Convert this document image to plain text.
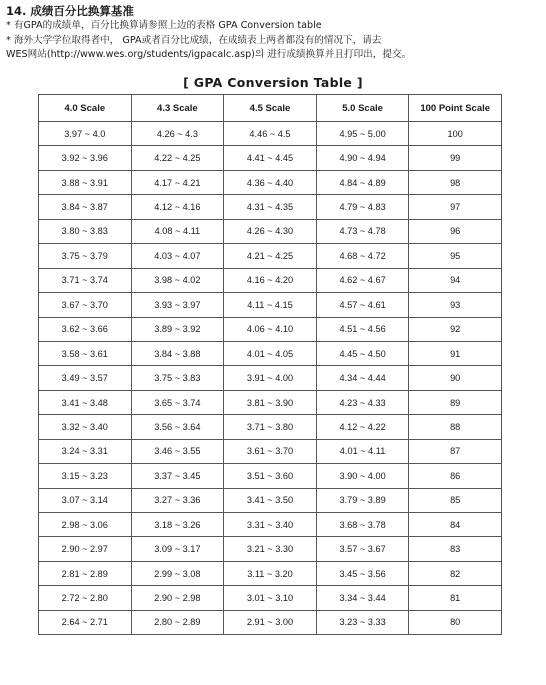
14. 成绩百分比换算基准

* 有GPA的成绩单，百分比换算请参照上边的表格 GPA Conversion table

* 海外大学学位取得者中， GPA或者百分比成绩，在成绩表上两者都没有的情况下，请去

WES网站(http://www.wes.org/students/igpacalc.asp)의 进行成绩换算并且打印出，提交。

[ GPA Conversion Table ]
4.0 Scale	4.3 Scale	4.5 Scale	5.0 Scale	100 Point Scale
3.97 ~ 4.0	4.26 ~ 4.3	4.46 ~ 4.5	4.95 ~ 5.00	100
3.92 ~ 3.96	4.22 ~ 4.25	4.41 ~ 4.45	4.90 ~ 4.94	99
3.88 ~ 3.91	4.17 ~ 4.21	4.36 ~ 4.40	4.84 ~ 4.89	98
3.84 ~ 3.87	4.12 ~ 4.16	4.31 ~ 4.35	4.79 ~ 4.83	97
3.80 ~ 3.83	4.08 ~ 4.11	4.26 ~ 4.30	4.73 ~ 4.78	96
3.75 ~ 3.79	4.03 ~ 4.07	4.21 ~ 4.25	4.68 ~ 4.72	95
3.71 ~ 3.74	3.98 ~ 4.02	4.16 ~ 4.20	4.62 ~ 4.67	94
3.67 ~ 3.70	3.93 ~ 3.97	4.11 ~ 4.15	4.57 ~ 4.61	93
3.62 ~ 3.66	3.89 ~ 3.92	4.06 ~ 4.10	4.51 ~ 4.56	92
3.58 ~ 3.61	3.84 ~ 3.88	4.01 ~ 4.05	4.45 ~ 4.50	91
3.49 ~ 3.57	3.75 ~ 3.83	3.91 ~ 4.00	4.34 ~ 4.44	90
3.41 ~ 3.48	3.65 ~ 3.74	3.81 ~ 3.90	4.23 ~ 4.33	89
3.32 ~ 3.40	3.56 ~ 3.64	3.71 ~ 3.80	4.12 ~ 4.22	88
3.24 ~ 3.31	3.46 ~ 3.55	3.61 ~ 3.70	4.01 ~ 4.11	87
3.15 ~ 3.23	3.37 ~ 3.45	3.51 ~ 3.60	3.90 ~ 4.00	86
3.07 ~ 3.14	3.27 ~ 3.36	3.41 ~ 3.50	3.79 ~ 3.89	85
2.98 ~ 3.06	3.18 ~ 3.26	3.31 ~ 3.40	3.68 ~ 3.78	84
2.90 ~ 2.97	3.09 ~ 3.17	3.21 ~ 3.30	3.57 ~ 3.67	83
2.81 ~ 2.89	2.99 ~ 3.08	3.11 ~ 3.20	3.45 ~ 3.56	82
2.72 ~ 2.80	2.90 ~ 2.98	3.01 ~ 3.10	3.34 ~ 3.44	81
2.64 ~ 2.71	2.80 ~ 2.89	2.91 ~ 3.00	3.23 ~ 3.33	80
